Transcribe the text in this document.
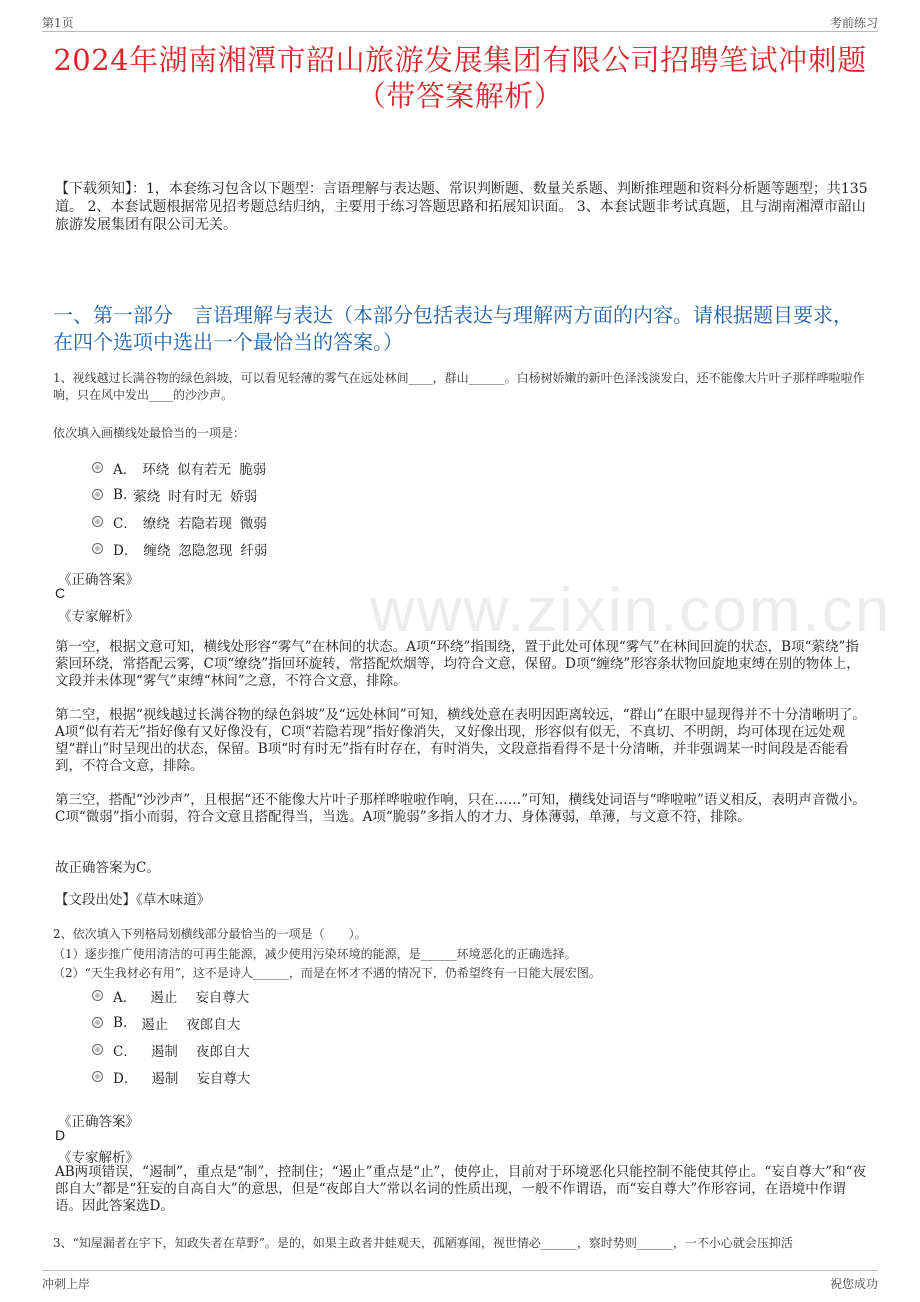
第1页	考前练习
2024年湖南湘潭市韶山旅游发展集团有限公司招聘笔试冲刺题
（带答案解析）
【下载须知】：1，本套练习包含以下题型：言语理解与表达题、常识判断题、数量关系题、判断推理题和资料分析题等题型；共135道。 2、本套试题根据常见招考题总结归纳，主要用于练习答题思路和拓展知识面。 3、本套试题非考试真题，且与湖南湘潭市韶山旅游发展集团有限公司无关。
一、第一部分　言语理解与表达（本部分包括表达与理解两方面的内容。请根据题目要求，在四个选项中选出一个最恰当的答案。）
www.zixin.com.cn
1、视线越过长满谷物的绿色斜坡，可以看见轻薄的雾气在远处林间____，群山______。白杨树娇嫩的新叶色泽浅淡发白，还不能像大片叶子那样哗啦啦作响，只在风中发出____的沙沙声。
依次填入画横线处最恰当的一项是：
A． 环绕 似有若无 脆弱
B. 萦绕 时有时无 娇弱
C． 缭绕 若隐若现 微弱
D． 缠绕 忽隐忽现 纤弱
《正确答案》
C
《专家解析》
第一空，根据文意可知，横线处形容“雾气”在林间的状态。A项“环绕”指围绕，置于此处可体现“雾气”在林间回旋的状态，B项“萦绕”指萦回环绕，常搭配云雾，C项“缭绕”指回环旋转，常搭配炊烟等，均符合文意，保留。D项“缠绕”形容条状物回旋地束缚在别的物体上，文段并未体现“雾气”束缚“林间”之意，不符合文意，排除。
第二空，根据“视线越过长满谷物的绿色斜坡”及“远处林间”可知，横线处意在表明因距离较远，“群山”在眼中显现得并不十分清晰明了。A项“似有若无”指好像有又好像没有，C项“若隐若现”指好像消失，又好像出现，形容似有似无，不真切、不明朗，均可体现在远处观望“群山”时呈现出的状态，保留。B项“时有时无”指有时存在，有时消失，文段意指看得不是十分清晰，并非强调某一时间段是否能看到，不符合文意，排除。
第三空，搭配“沙沙声”，且根据“还不能像大片叶子那样哗啦啦作响，只在……”可知，横线处词语与“哗啦啦”语义相反，表明声音微小。C项“微弱”指小而弱，符合文意且搭配得当，当选。A项“脆弱”多指人的才力、身体薄弱，单薄，与文意不符，排除。
故正确答案为C。
【文段出处】《草木味道》
2、依次填入下列格局划横线部分最恰当的一项是（　　）。
（1）逐步推广使用清洁的可再生能源，减少使用污染环境的能源，是______环境恶化的正确选择。
（2）“天生我材必有用”，这不是诗人______，而是在怀才不遇的情况下，仍希望终有一日能大展宏图。
A． 遏止 妄自尊大
B. 遏止 夜郎自大
C． 遏制 夜郎自大
D． 遏制 妄自尊大
《正确答案》
D
《专家解析》
AB两项错误，“遏制”，重点是“制”，控制住；“遏止”重点是“止”，使停止，目前对于环境恶化只能控制不能使其停止。“妄自尊大”和“夜郎自大”都是“狂妄的自高自大”的意思，但是“夜郎自大”常以名词的性质出现，一般不作谓语，而“妄自尊大”作形容词，在语境中作谓语。因此答案选D。
3、“知屋漏者在宇下，知政失者在草野”。是的，如果主政者井蛙观天，孤陋寡闻，视世情必______，察时势则______，一不小心就会压抑活
冲刺上岸	祝您成功
